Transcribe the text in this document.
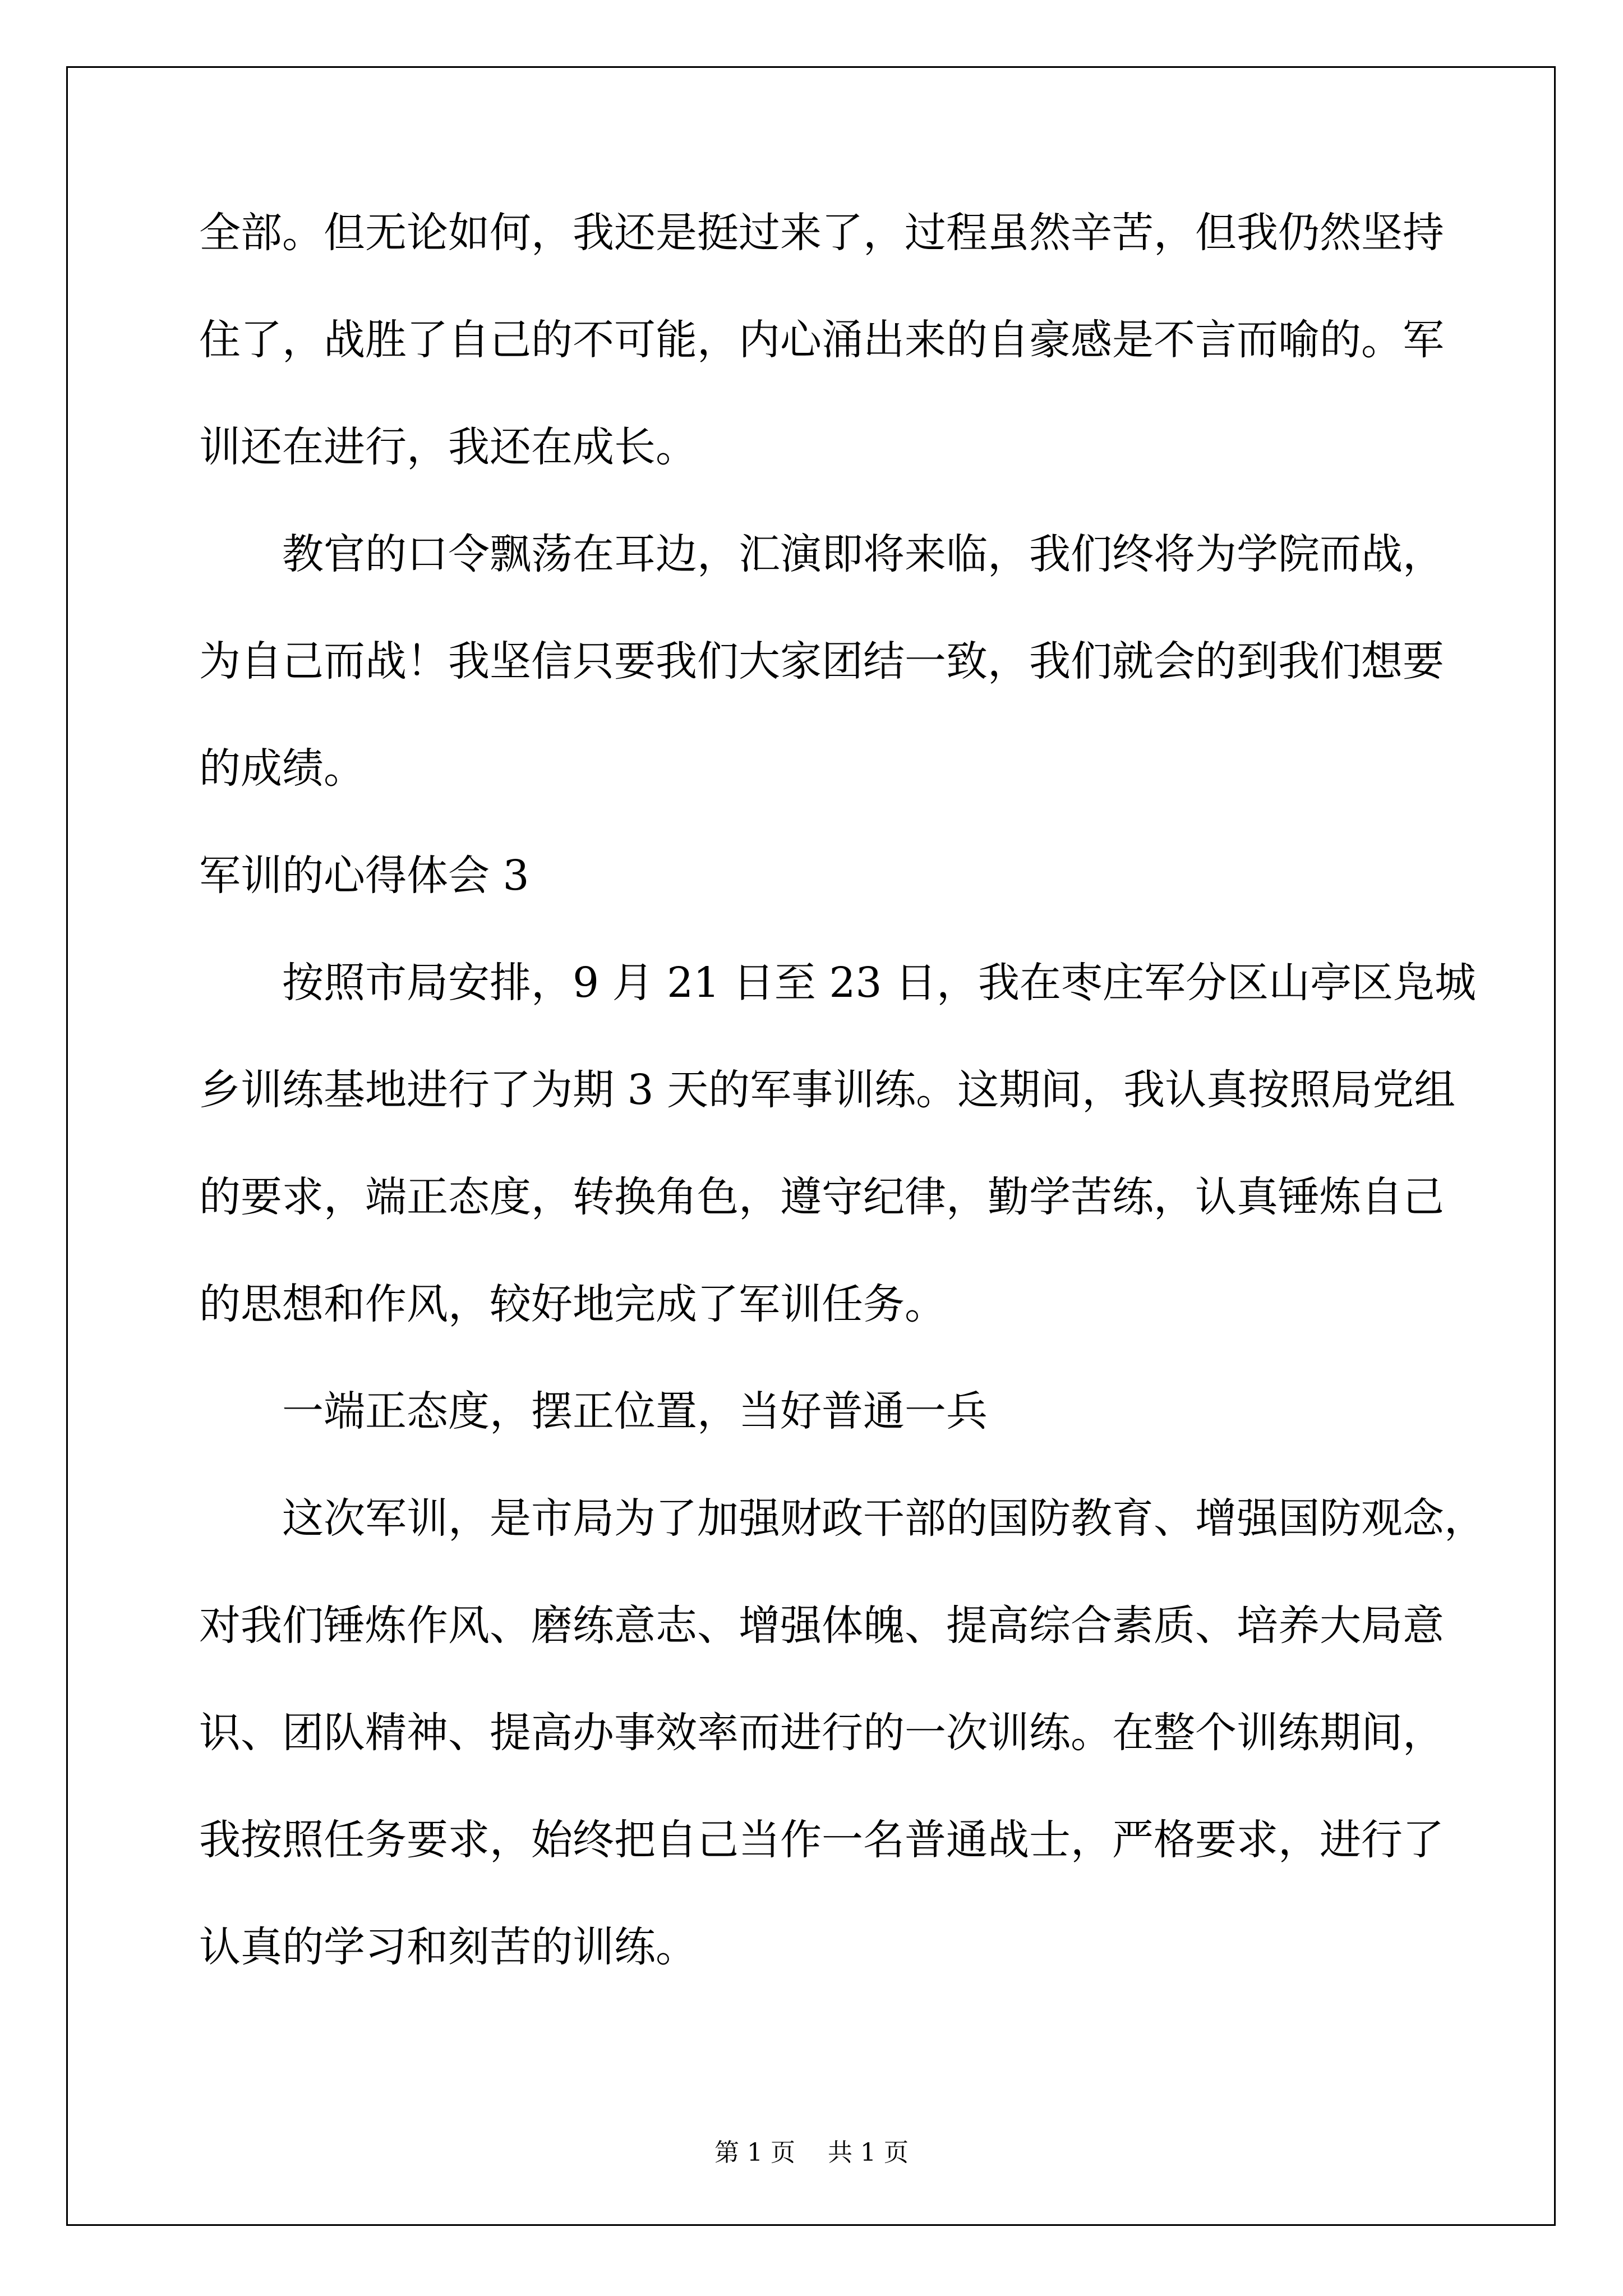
全部。但无论如何，我还是挺过来了，过程虽然辛苦，但我仍然坚持
住了，战胜了自己的不可能，内心涌出来的自豪感是不言而喻的。军
训还在进行，我还在成长。
教官的口令飘荡在耳边，汇演即将来临，我们终将为学院而战，
为自己而战！我坚信只要我们大家团结一致，我们就会的到我们想要
的成绩。
军训的心得体会 3
按照市局安排，9 月 21 日至 23 日，我在枣庄军分区山亭区凫城
乡训练基地进行了为期 3 天的军事训练。这期间，我认真按照局党组
的要求，端正态度，转换角色，遵守纪律，勤学苦练，认真锤炼自己
的思想和作风，较好地完成了军训任务。
一端正态度，摆正位置，当好普通一兵
这次军训，是市局为了加强财政干部的国防教育、增强国防观念，
对我们锤炼作风、磨练意志、增强体魄、提高综合素质、培养大局意
识、团队精神、提高办事效率而进行的一次训练。在整个训练期间，
我按照任务要求，始终把自己当作一名普通战士，严格要求，进行了
认真的学习和刻苦的训练。
第 1 页　 共 1 页
